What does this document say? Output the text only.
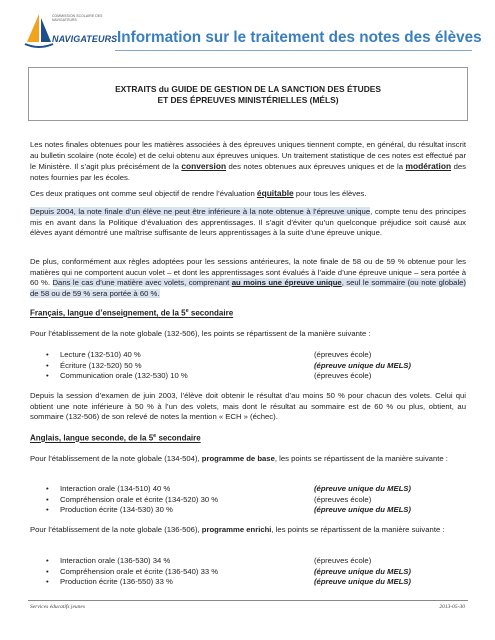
COMMISSION SCOLAIRE DES NAVIGATEURS
NAVIGATEURS Information sur le traitement des notes des élèves
EXTRAITS du GUIDE DE GESTION DE LA SANCTION DES ÉTUDES
ET DES ÉPREUVES MINISTÉRIELLES (MÉLS)

Les notes finales obtenues pour les matières associées à des épreuves uniques tiennent compte, en général, du résultat inscrit au bulletin scolaire (note école) et de celui obtenu aux épreuves uniques. Un traitement statistique de ces notes est effectué par le Ministère. Il s’agit plus précisément de la conversion des notes obtenues aux épreuves uniques et de la modération des notes fournies par les écoles.

Ces deux pratiques ont comme seul objectif de rendre l’évaluation équitable pour tous les élèves.

Depuis 2004, la note finale d’un élève ne peut être inférieure à la note obtenue à l’épreuve unique, compte tenu des principes mis en avant dans la Politique d’évaluation des apprentissages. Il s’agit d’éviter qu’un quelconque préjudice soit causé aux élèves ayant démontré une maîtrise suffisante de leurs apprentissages à la suite d’une épreuve unique.

De plus, conformément aux règles adoptées pour les sessions antérieures, la note finale de 58 ou de 59 % obtenue pour les matières qui ne comportent aucun volet – et dont les apprentissages sont évalués à l’aide d’une épreuve unique – sera portée à 60 %. Dans le cas d’une matière avec volets, comprenant au moins une épreuve unique, seul le sommaire (ou note globale) de 58 ou de 59 % sera portée à 60 %.

Français, langue d’enseignement, de la 5e secondaire

Pour l’établissement de la note globale (132-506), les points se répartissent de la manière suivante :

• Lecture (132-510) 40 %	(épreuves école)
• Écriture (132-520) 50 %	(épreuve unique du MELS)
• Communication orale (132-530) 10 %	(épreuves école)

Depuis la session d’examen de juin 2003, l’élève doit obtenir le résultat d’au moins 50 % pour chacun des volets. Celui qui obtient une note inférieure à 50 % à l’un des volets, mais dont le résultat au sommaire est de 60 % ou plus, obtient, au sommaire (132-506) de son relevé de notes la mention « ECH » (échec).

Anglais, langue seconde, de la 5e secondaire

Pour l’établissement de la note globale (134-504), programme de base, les points se répartissent de la manière suivante :

• Interaction orale (134-510) 40 %	(épreuve unique du MELS)
• Compréhension orale et écrite (134-520) 30 %	(épreuves école)
• Production écrite (134-530) 30 %	(épreuve unique du MELS)

Pour l’établissement de la note globale (136-506), programme enrichi, les points se répartissent de la manière suivante :

• Interaction orale (136-530) 34 %	(épreuves école)
• Compréhension orale et écrite (136-540) 33 %	(épreuve unique du MELS)
• Production écrite (136-550) 33 %	(épreuve unique du MELS)
Services éducatifs jeunes	2013-05-30
